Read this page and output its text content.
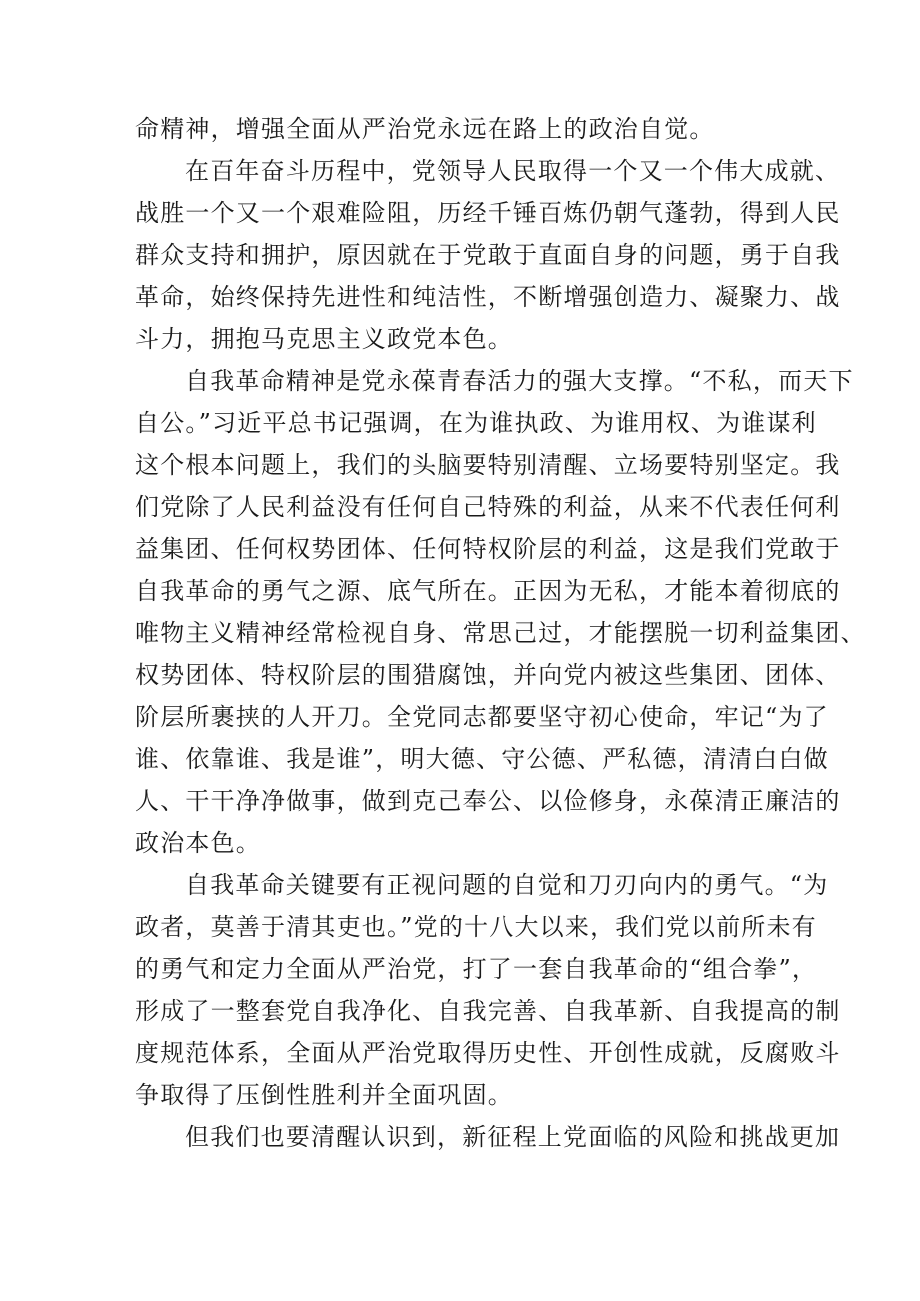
命精神，增强全面从严治党永远在路上的政治自觉。
在百年奋斗历程中，党领导人民取得一个又一个伟大成就、
战胜一个又一个艰难险阻，历经千锤百炼仍朝气蓬勃，得到人民
群众支持和拥护，原因就在于党敢于直面自身的问题，勇于自我
革命，始终保持先进性和纯洁性，不断增强创造力、凝聚力、战
斗力，拥抱马克思主义政党本色。
自我革命精神是党永葆青春活力的强大支撑。“不私，而天下
自公。”习近平总书记强调，在为谁执政、为谁用权、为谁谋利
这个根本问题上，我们的头脑要特别清醒、立场要特别坚定。我
们党除了人民利益没有任何自己特殊的利益，从来不代表任何利
益集团、任何权势团体、任何特权阶层的利益，这是我们党敢于
自我革命的勇气之源、底气所在。正因为无私，才能本着彻底的
唯物主义精神经常检视自身、常思己过，才能摆脱一切利益集团、
权势团体、特权阶层的围猎腐蚀，并向党内被这些集团、团体、
阶层所裹挟的人开刀。全党同志都要坚守初心使命，牢记“为了
谁、依靠谁、我是谁”，明大德、守公德、严私德，清清白白做
人、干干净净做事，做到克己奉公、以俭修身，永葆清正廉洁的
政治本色。
自我革命关键要有正视问题的自觉和刀刃向内的勇气。“为
政者，莫善于清其吏也。”党的十八大以来，我们党以前所未有
的勇气和定力全面从严治党，打了一套自我革命的“组合拳”，
形成了一整套党自我净化、自我完善、自我革新、自我提高的制
度规范体系，全面从严治党取得历史性、开创性成就，反腐败斗
争取得了压倒性胜利并全面巩固。
但我们也要清醒认识到，新征程上党面临的风险和挑战更加
